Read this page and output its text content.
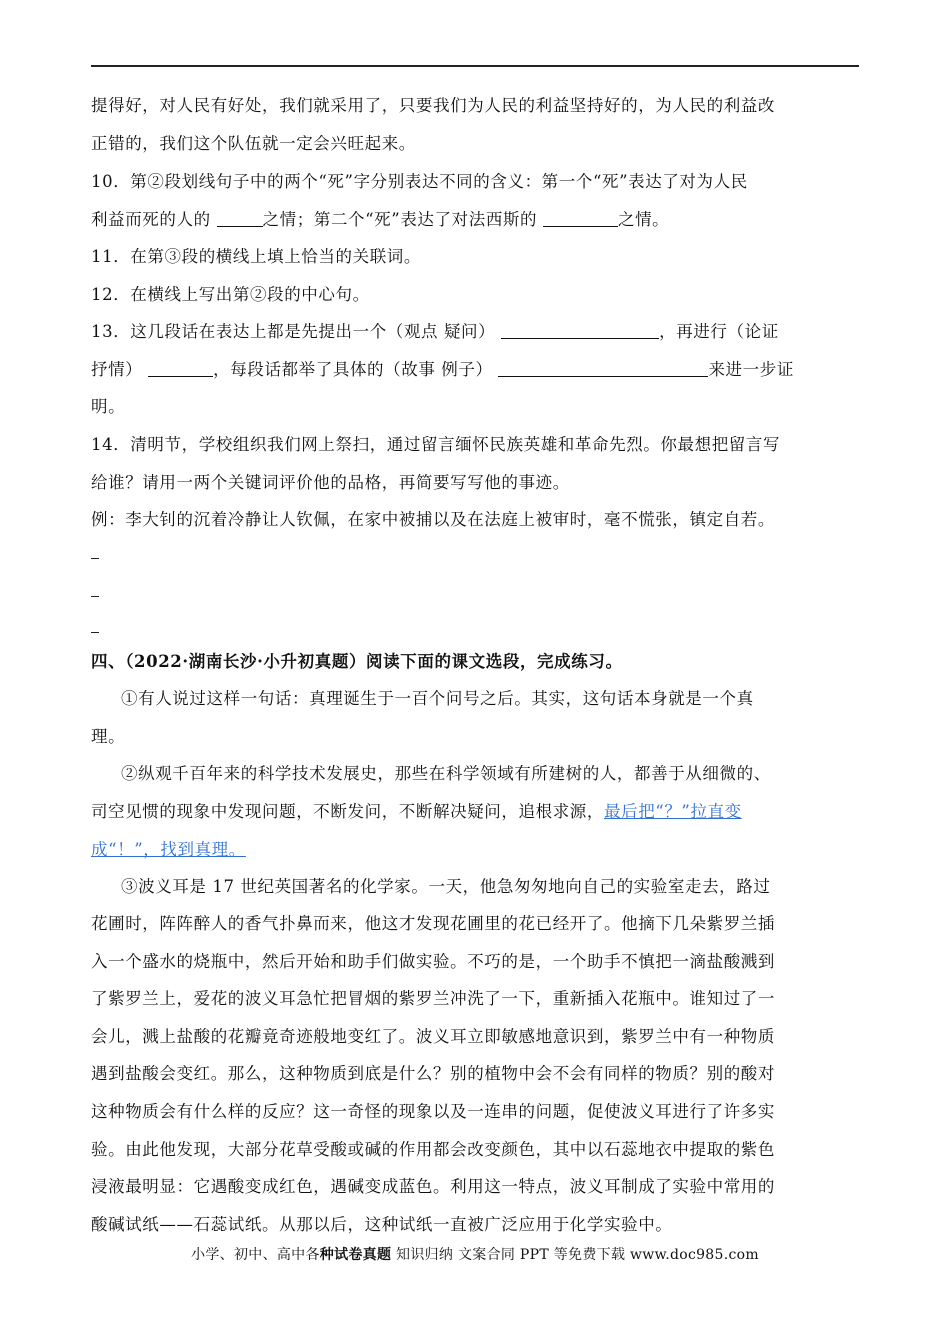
提得好，对人民有好处，我们就采用了，只要我们为人民的利益坚持好的，为人民的利益改
正错的，我们这个队伍就一定会兴旺起来。
10．第②段划线句子中的两个“死”字分别表达不同的含义：第一个“死”表达了对为人民
利益而死的人的	之情；第二个“死”表达了对法西斯的	之情。
11．在第③段的横线上填上恰当的关联词。
12．在横线上写出第②段的中心句。
13．这几段话在表达上都是先提出一个（观点 疑问）	，再进行（论证
抒情）	，每段话都举了具体的（故事 例子）	来进一步证
明。
14．清明节，学校组织我们网上祭扫，通过留言缅怀民族英雄和革命先烈。你最想把留言写
给谁？请用一两个关键词评价他的品格，再简要写写他的事迹。
例：李大钊的沉着冷静让人钦佩，在家中被捕以及在法庭上被审时，毫不慌张，镇定自若。
四、（2022·湖南长沙·小升初真题）阅读下面的课文选段，完成练习。
①有人说过这样一句话：真理诞生于一百个问号之后。其实，这句话本身就是一个真
理。
②纵观千百年来的科学技术发展史，那些在科学领域有所建树的人，都善于从细微的、
司空见惯的现象中发现问题，不断发问，不断解决疑问，追根求源，最后把“？”拉直变
成“！”，找到真理。
③波义耳是 17 世纪英国著名的化学家。一天，他急匆匆地向自己的实验室走去，路过
花圃时，阵阵醉人的香气扑鼻而来，他这才发现花圃里的花已经开了。他摘下几朵紫罗兰插
入一个盛水的烧瓶中，然后开始和助手们做实验。不巧的是，一个助手不慎把一滴盐酸溅到
了紫罗兰上，爱花的波义耳急忙把冒烟的紫罗兰冲洗了一下，重新插入花瓶中。谁知过了一
会儿，溅上盐酸的花瓣竟奇迹般地变红了。波义耳立即敏感地意识到，紫罗兰中有一种物质
遇到盐酸会变红。那么，这种物质到底是什么？别的植物中会不会有同样的物质？别的酸对
这种物质会有什么样的反应？这一奇怪的现象以及一连串的问题，促使波义耳进行了许多实
验。由此他发现，大部分花草受酸或碱的作用都会改变颜色，其中以石蕊地衣中提取的紫色
浸液最明显：它遇酸变成红色，遇碱变成蓝色。利用这一特点，波义耳制成了实验中常用的
酸碱试纸——石蕊试纸。从那以后，这种试纸一直被广泛应用于化学实验中。
小学、初中、高中各种试卷真题 知识归纳 文案合同 PPT 等免费下载 www.doc985.com
